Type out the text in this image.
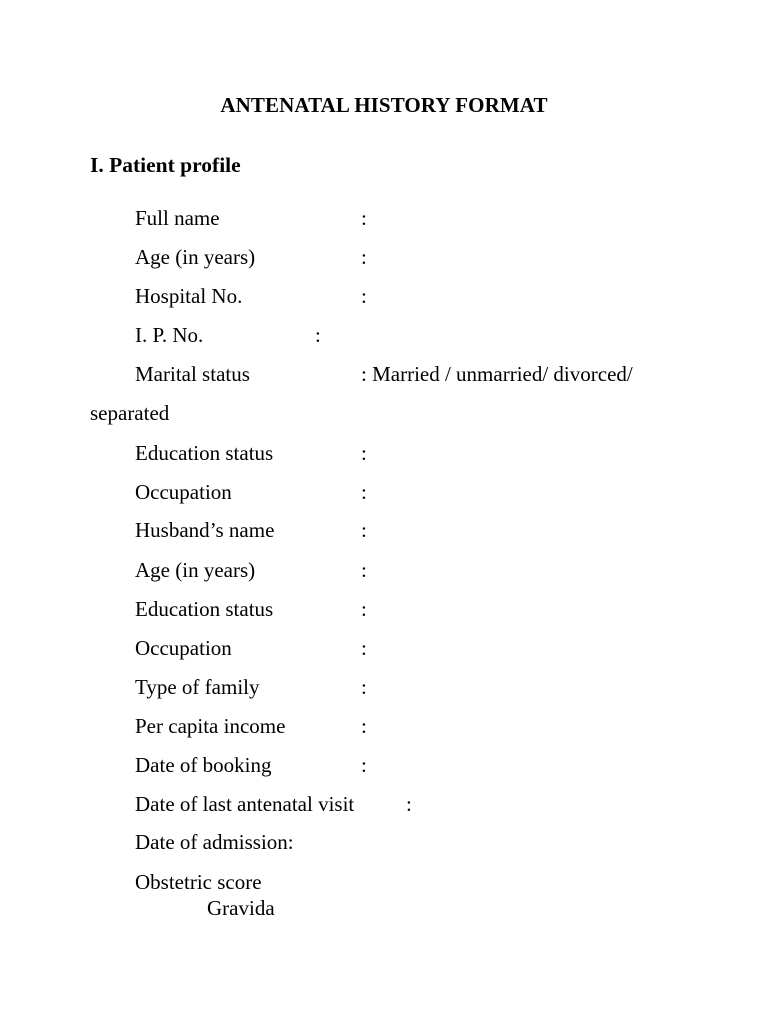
ANTENATAL HISTORY FORMAT
I. Patient profile
Full name	:
Age (in years)	:
Hospital No.	:
I. P. No.	:
Marital status	: Married / unmarried/ divorced/
separated
Education status	:
Occupation	:
Husband’s name	:
Age (in years)	:
Education status	:
Occupation	:
Type of family	:
Per capita income	:
Date of booking	:
Date of last antenatal visit :
Date of admission:
Obstetric score
Gravida
